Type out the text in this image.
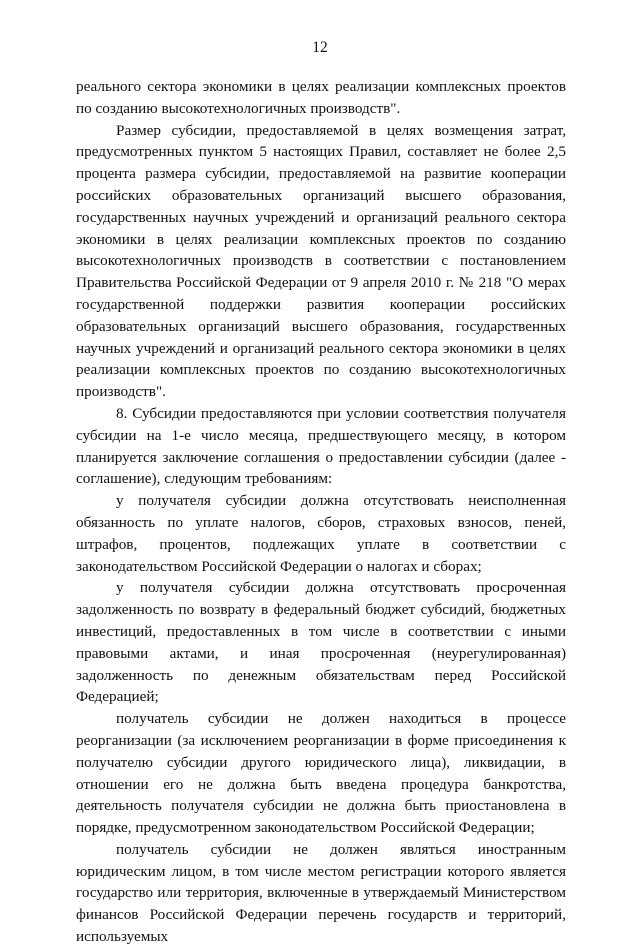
12

реального сектора экономики в целях реализации комплексных проектов по созданию высокотехнологичных производств".

Размер субсидии, предоставляемой в целях возмещения затрат, предусмотренных пунктом 5 настоящих Правил, составляет не более 2,5 процента размера субсидии, предоставляемой на развитие кооперации российских образовательных организаций высшего образования, государственных научных учреждений и организаций реального сектора экономики в целях реализации комплексных проектов по созданию высокотехнологичных производств в соответствии с постановлением Правительства Российской Федерации от 9 апреля 2010 г. № 218 "О мерах государственной поддержки развития кооперации российских образовательных организаций высшего образования, государственных научных учреждений и организаций реального сектора экономики в целях реализации комплексных проектов по созданию высокотехнологичных производств".

8. Субсидии предоставляются при условии соответствия получателя субсидии на 1-е число месяца, предшествующего месяцу, в котором планируется заключение соглашения о предоставлении субсидии (далее - соглашение), следующим требованиям:

у получателя субсидии должна отсутствовать неисполненная обязанность по уплате налогов, сборов, страховых взносов, пеней, штрафов, процентов, подлежащих уплате в соответствии с законодательством Российской Федерации о налогах и сборах;

у получателя субсидии должна отсутствовать просроченная задолженность по возврату в федеральный бюджет субсидий, бюджетных инвестиций, предоставленных в том числе в соответствии с иными правовыми актами, и иная просроченная (неурегулированная) задолженность по денежным обязательствам перед Российской Федерацией;

получатель субсидии не должен находиться в процессе реорганизации (за исключением реорганизации в форме присоединения к получателю субсидии другого юридического лица), ликвидации, в отношении его не должна быть введена процедура банкротства, деятельность получателя субсидии не должна быть приостановлена в порядке, предусмотренном законодательством Российской Федерации;

получатель субсидии не должен являться иностранным юридическим лицом, в том числе местом регистрации которого является государство или территория, включенные в утверждаемый Министерством финансов Российской Федерации перечень государств и территорий, используемых
